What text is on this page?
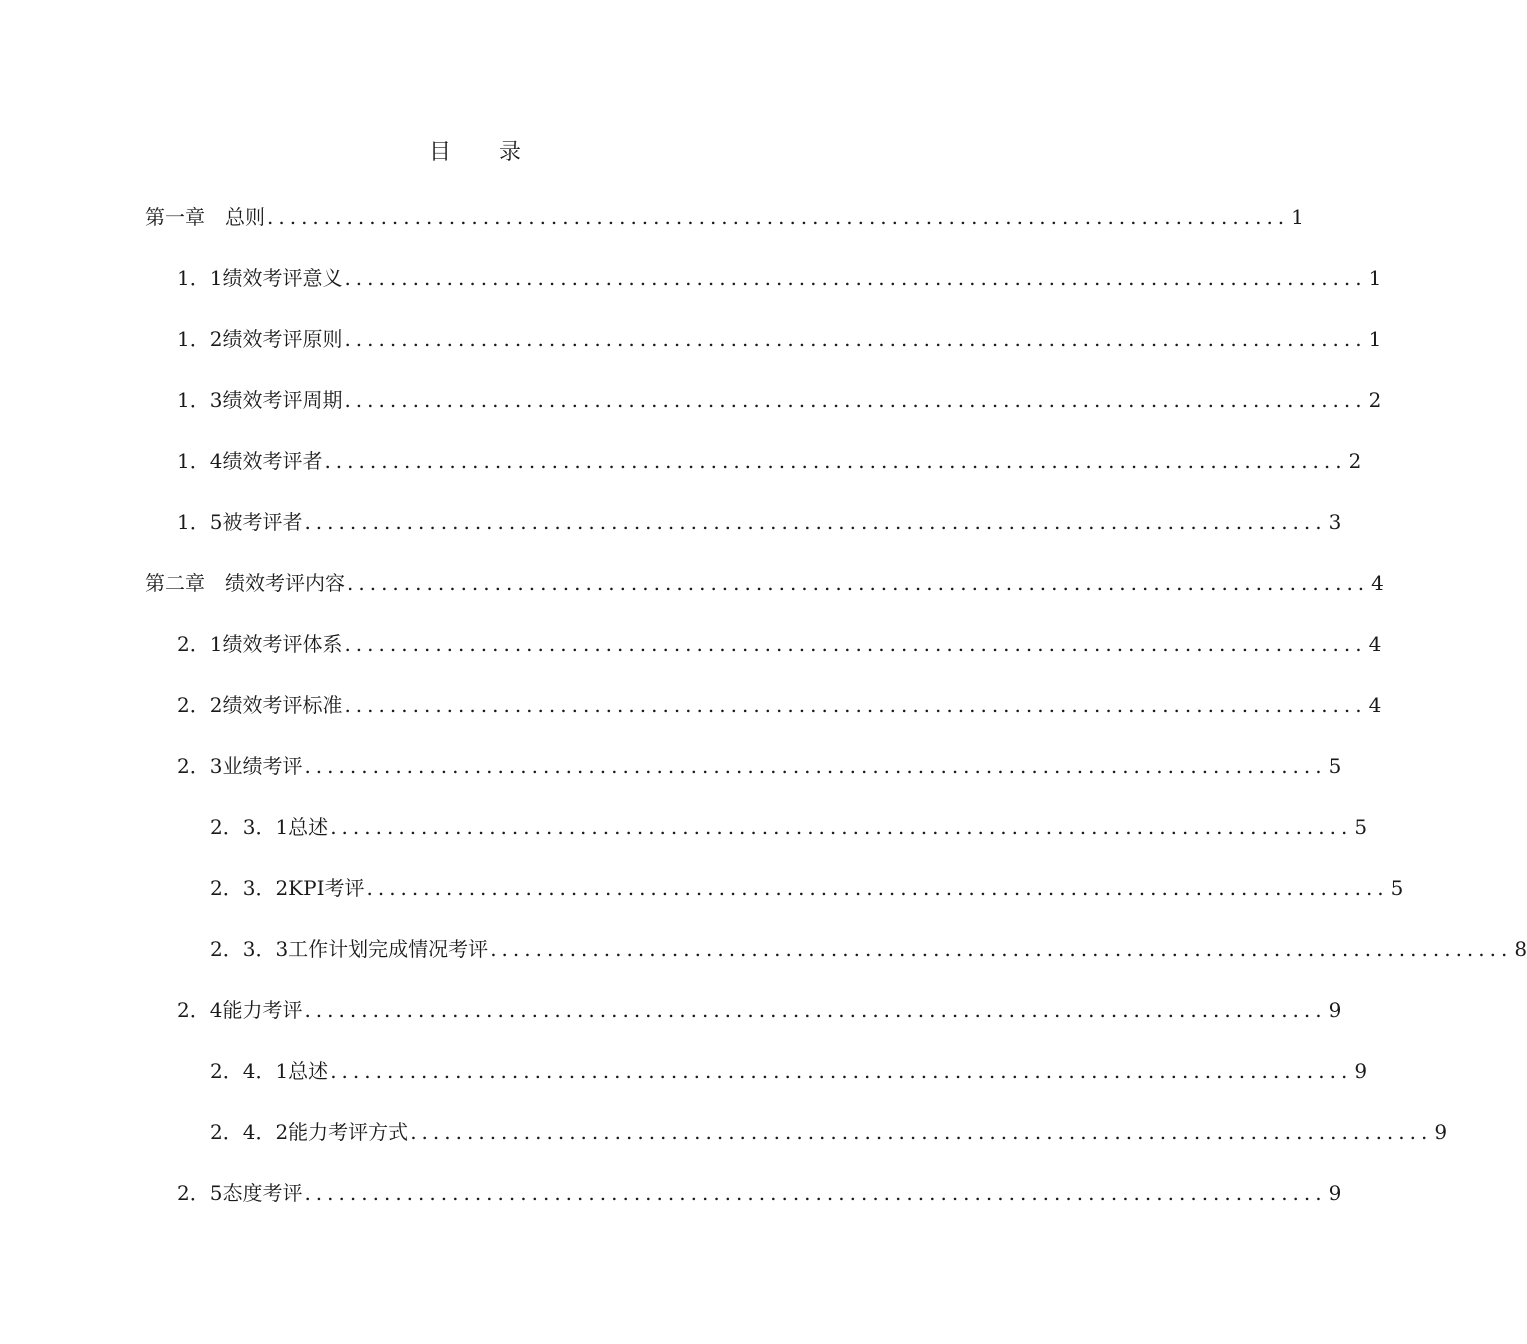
目 录
第一章　总则 .......................................................................................... 1
1．1绩效考评意义 .......................................................................................... 1
1．2绩效考评原则 .......................................................................................... 1
1．3绩效考评周期 .......................................................................................... 2
1．4绩效考评者 .......................................................................................... 2
1．5被考评者 .......................................................................................... 3
第二章　绩效考评内容 .......................................................................................... 4
2．1绩效考评体系 .......................................................................................... 4
2．2绩效考评标准 .......................................................................................... 4
2．3业绩考评 .......................................................................................... 5
2．3．1总述 .......................................................................................... 5
2．3．2KPI考评 .......................................................................................... 5
2．3．3工作计划完成情况考评 .......................................................................................... 8
2．4能力考评 .......................................................................................... 9
2．4．1总述 .......................................................................................... 9
2．4．2能力考评方式 .......................................................................................... 9
2．5态度考评 .......................................................................................... 9
